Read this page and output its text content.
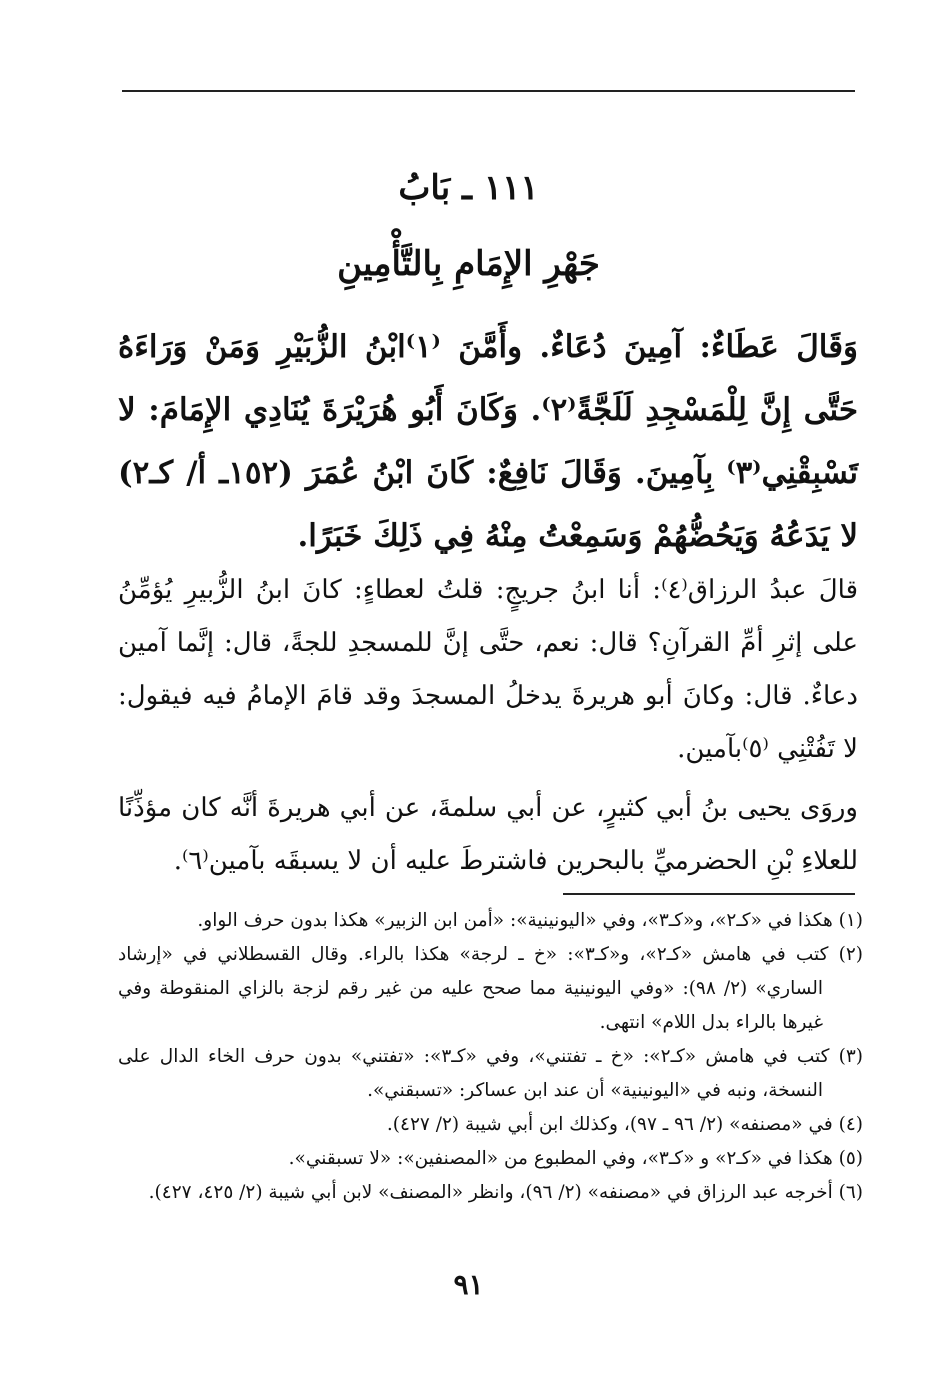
١١١ ـ بَابُ
جَهْرِ الإِمَامِ بِالتَّأْمِينِ

وَقَالَ عَطَاءٌ: آمِينَ دُعَاءٌ. وأَمَّنَ ⁽١⁾ابْنُ الزُّبَيْرِ وَمَنْ وَرَاءَهُ حَتَّى إِنَّ لِلْمَسْجِدِ لَلَجَّةً⁽٢⁾. وَكَانَ أَبُو هُرَيْرَةَ يُنَادِي الإِمَامَ: لا تَسْبِقْنِي⁽٣⁾ بِآمِينَ. وَقَالَ نَافِعٌ: كَانَ ابْنُ عُمَرَ (١٥٢ـ أ/ كـ٢) لا يَدَعُهُ وَيَحُضُّهُمْ وَسَمِعْتُ مِنْهُ فِي ذَلِكَ خَبَرًا.

قالَ عبدُ الرزاق⁽٤⁾: أنا ابنُ جريجٍ: قلتُ لعطاءٍ: كانَ ابنُ الزُّبيرِ يُؤمِّنُ على إثرِ أمِّ القرآنِ؟ قال: نعم، حتَّى إنَّ للمسجدِ للجةً، قال: إنَّما آمين دعاءٌ. قال: وكانَ أبو هريرةَ يدخلُ المسجدَ وقد قامَ الإمامُ فيه فيقول: لا تَفُتْنِي ⁽٥⁾بآمين.

وروَى يحيى بنُ أبي كثيرٍ، عن أبي سلمةَ، عن أبي هريرةَ أنَّه كان مؤذِّنًا للعلاءِ بْنِ الحضرميِّ بالبحرين فاشترطَ عليه أن لا يسبقَه بآمين⁽٦⁾.

(١) هكذا في «كـ٢»، و«كـ٣»، وفي «اليونينية»: «أمن ابن الزبير» هكذا بدون حرف الواو.
(٢) كتب في هامش «كـ٢»، و«كـ٣»: «خ ـ لرجة» هكذا بالراء. وقال القسطلاني في «إرشاد الساري» (٢/ ٩٨): «وفي اليونينية مما صحح عليه من غير رقم لزجة بالزاي المنقوطة وفي غيرها بالراء بدل اللام» انتهى.
(٣) كتب في هامش «كـ٢»: «خ ـ تفتني»، وفي «كـ٣»: «تفتني» بدون حرف الخاء الدال على النسخة، ونبه في «اليونينية» أن عند ابن عساكر: «تسبقني».
(٤) في «مصنفه» (٢/ ٩٦ ـ ٩٧)، وكذلك ابن أبي شيبة (٢/ ٤٢٧).
(٥) هكذا في «كـ٢» و «كـ٣»، وفي المطبوع من «المصنفين»: «لا تسبقني».
(٦) أخرجه عبد الرزاق في «مصنفه» (٢/ ٩٦)، وانظر «المصنف» لابن أبي شيبة (٢/ ٤٢٥، ٤٢٧).
٩١
